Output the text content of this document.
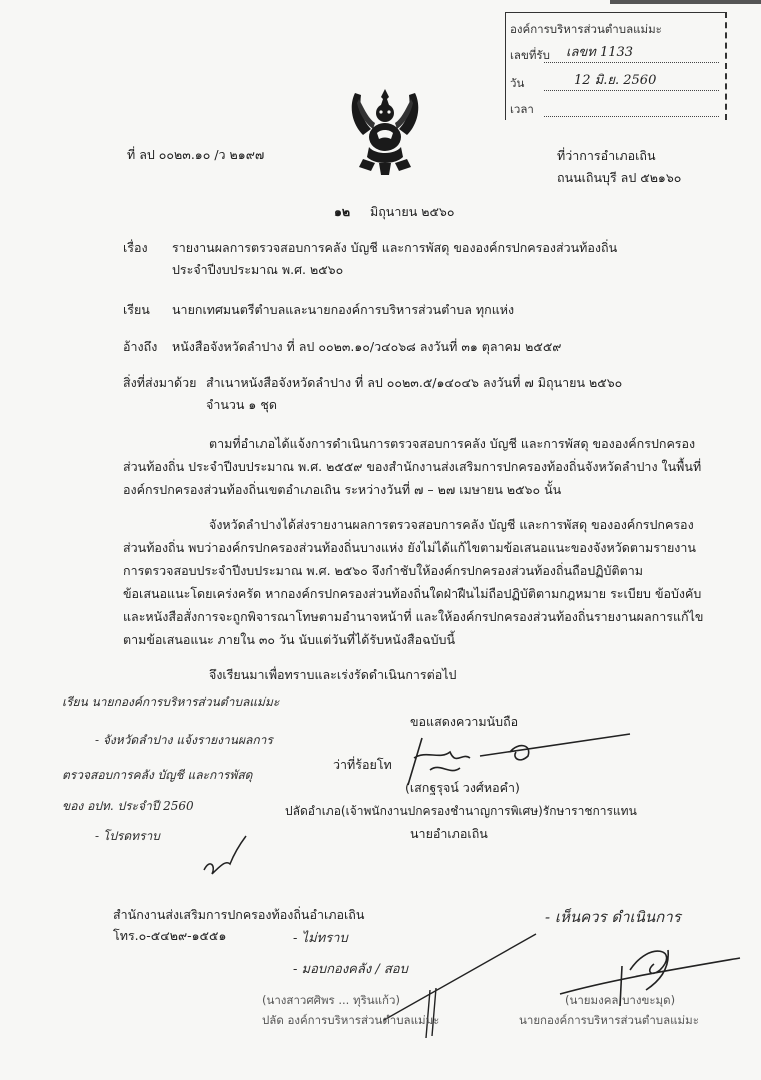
องค์การบริหารส่วนตำบลแม่มะ
เลขที่รับ เลขท 1133
วัน	12 มิ.ย. 2560
เวลา
ที่ ลป ๐๐๒๓.๑๐ /ว ๒๑๙๗	ที่ว่าการอำเภอเถิน
ถนนเถินบุรี ลป ๕๒๑๖๐
๑๒ มิถุนายน ๒๕๖๐
เรื่อง รายงานผลการตรวจสอบการคลัง บัญชี และการพัสดุ ขององค์กรปกครองส่วนท้องถิ่น
ประจำปีงบประมาณ พ.ศ. ๒๕๖๐
เรียน นายกเทศมนตรีตำบลและนายกองค์การบริหารส่วนตำบล ทุกแห่ง
อ้างถึง หนังสือจังหวัดลำปาง ที่ ลป ๐๐๒๓.๑๐/ว๔๐๖๘ ลงวันที่ ๓๑ ตุลาคม ๒๕๕๙
สิ่งที่ส่งมาด้วย สำเนาหนังสือจังหวัดลำปาง ที่ ลป ๐๐๒๓.๕/๑๔๐๔๖ ลงวันที่ ๗ มิถุนายน ๒๕๖๐
จำนวน ๑ ชุด
ตามที่อำเภอได้แจ้งการดำเนินการตรวจสอบการคลัง บัญชี และการพัสดุ ขององค์กรปกครอง
ส่วนท้องถิ่น ประจำปีงบประมาณ พ.ศ. ๒๕๕๙ ของสำนักงานส่งเสริมการปกครองท้องถิ่นจังหวัดลำปาง ในพื้นที่
องค์กรปกครองส่วนท้องถิ่นเขตอำเภอเถิน ระหว่างวันที่ ๗ – ๒๗ เมษายน ๒๕๖๐ นั้น
จังหวัดลำปางได้ส่งรายงานผลการตรวจสอบการคลัง บัญชี และการพัสดุ ขององค์กรปกครอง
ส่วนท้องถิ่น พบว่าองค์กรปกครองส่วนท้องถิ่นบางแห่ง ยังไม่ได้แก้ไขตามข้อเสนอแนะของจังหวัดตามรายงาน
การตรวจสอบประจำปีงบประมาณ พ.ศ. ๒๕๖๐ จึงกำชับให้องค์กรปกครองส่วนท้องถิ่นถือปฏิบัติตาม
ข้อเสนอแนะโดยเคร่งครัด หากองค์กรปกครองส่วนท้องถิ่นใดฝ่าฝืนไม่ถือปฏิบัติตามกฎหมาย ระเบียบ ข้อบังคับ
และหนังสือสั่งการจะถูกพิจารณาโทษตามอำนาจหน้าที่ และให้องค์กรปกครองส่วนท้องถิ่นรายงานผลการแก้ไข
ตามข้อเสนอแนะ ภายใน ๓๐ วัน นับแต่วันที่ได้รับหนังสือฉบับนี้
จึงเรียนมาเพื่อทราบและเร่งรัดดำเนินการต่อไป
เรียน นายกองค์การบริหารส่วนตำบลแม่มะ
- จังหวัดลำปาง แจ้งรายงานผลการ
ตรวจสอบการคลัง บัญชี และการพัสดุ
ของ อปท. ประจำปี 2560
- โปรดทราบ
ขอแสดงความนับถือ
ว่าที่ร้อยโท
(เสกฐรุจน์ วงศ์หอคำ)
ปลัดอำเภอ(เจ้าพนักงานปกครองชำนาญการพิเศษ)รักษาราชการแทน
นายอำเภอเถิน
สำนักงานส่งเสริมการปกครองท้องถิ่นอำเภอเถิน
โทร.๐-๕๔๒๙-๑๕๕๑	- ไม่ทราบ
- มอบกองคลัง / สอบ
(นางสาวศศิพร ... ทุรินแก้ว)
ปลัด องค์การบริหารส่วนตำบลแม่มะ
- เห็นควร ดำเนินการ
(นายมงคล บางขะมุด)
นายกองค์การบริหารส่วนตำบลแม่มะ
